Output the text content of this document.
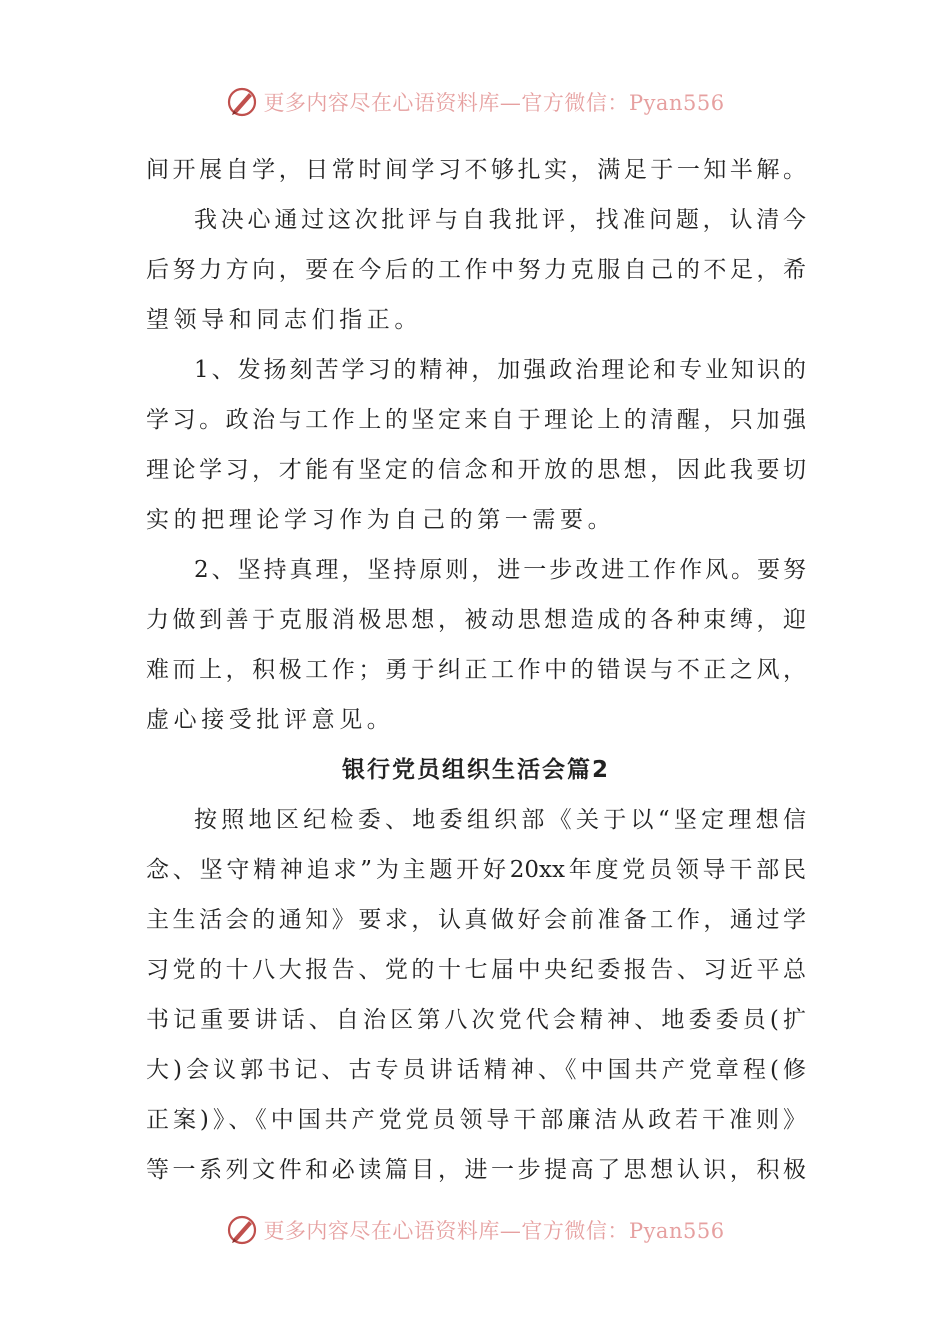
更多内容尽在心语资料库—官方微信：Pyan556
间开展自学，日常时间学习不够扎实，满足于一知半解。
我决心通过这次批评与自我批评，找准问题，认清今
后努力方向，要在今后的工作中努力克服自己的不足，希
望领导和同志们指正。
1、发扬刻苦学习的精神，加强政治理论和专业知识的
学习。政治与工作上的坚定来自于理论上的清醒，只加强
理论学习，才能有坚定的信念和开放的思想，因此我要切
实的把理论学习作为自己的第一需要。
2、坚持真理，坚持原则，进一步改进工作作风。要努
力做到善于克服消极思想，被动思想造成的各种束缚，迎
难而上，积极工作；勇于纠正工作中的错误与不正之风，
虚心接受批评意见。
银行党员组织生活会篇2
按照地区纪检委、地委组织部《关于以“坚定理想信
念、坚守精神追求”为主题开好20xx年度党员领导干部民
主生活会的通知》要求，认真做好会前准备工作，通过学
习党的十八大报告、党的十七届中央纪委报告、习近平总
书记重要讲话、自治区第八次党代会精神、地委委员(扩
大)会议郭书记、古专员讲话精神、《中国共产党章程(修
正案)》、《中国共产党党员领导干部廉洁从政若干准则》
等一系列文件和必读篇目，进一步提高了思想认识，积极
更多内容尽在心语资料库—官方微信：Pyan556
